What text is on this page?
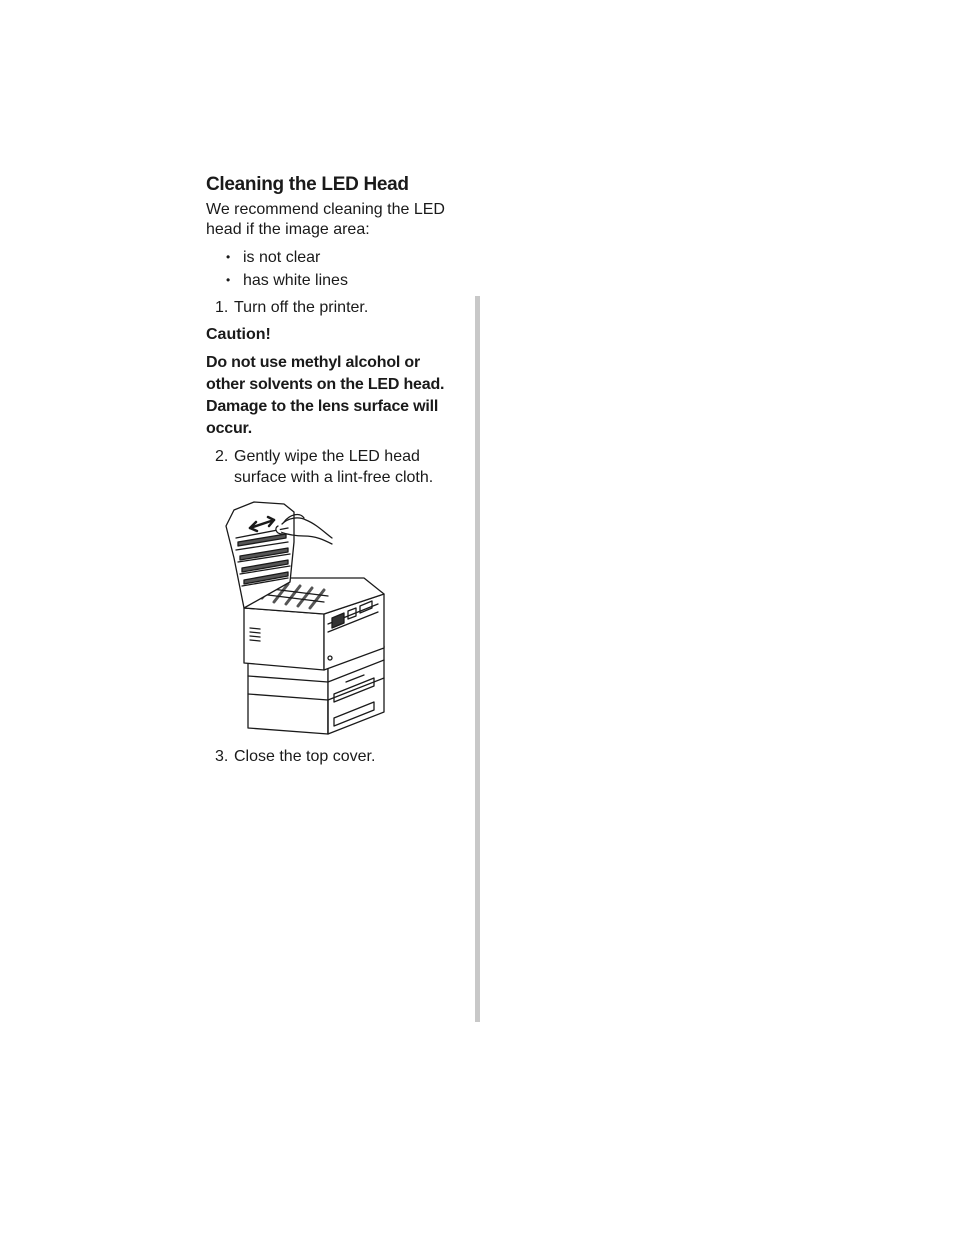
Cleaning the LED Head

We recommend cleaning the LED head if the image area:

• is not clear
• has white lines
1. Turn off the printer.

Caution!

Do not use methyl alcohol or other solvents on the LED head. Damage to the lens surface will occur.

2. Gently wipe the LED head surface with a lint-free cloth.
3. Close the top cover.
